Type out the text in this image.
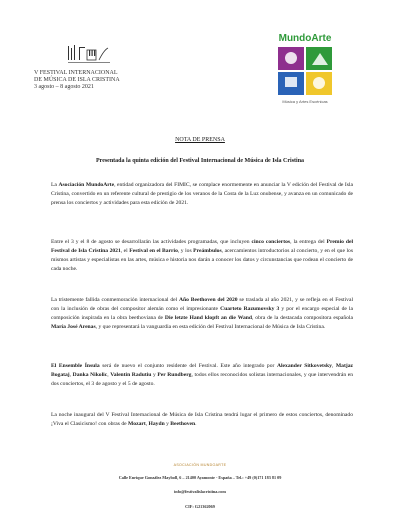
V FESTIVAL INTERNACIONAL
DE MÚSICA DE ISLA CRISTINA
3 agosto – 8 agosto 2021
MundoArte
Música y Artes Escénicas
NOTA DE PRENSA
Presentada la quinta edición del Festival Internacional de Música de Isla Cristina
La Asociación MundoArte, entidad organizadora del FIMIC, se complace enormemente en anunciar la V edición del Festival de Isla Cristina, convertido en un referente cultural de prestigio de los veranos de la Costa de la Luz onubense, y avanza en un comunicado de prensa los conciertos y actividades para esta edición de 2021.
Entre el 3 y el 8 de agosto se desarrollarán las actividades programadas, que incluyen cinco conciertos, la entrega del Premio del Festival de Isla Cristina 2021, el Festival en el Barrio, y los Preámbulos, acercamientos introductorios al concierto, y en el que los mismos artistas y especialistas en las artes, música e historia nos darán a conocer los datos y circunstancias que rodean el concierto de cada noche.
La tristemente fallida conmemoración internacional del Año Beethoven del 2020 se traslada al año 2021, y se refleja en el Festival con la inclusión de obras del compositor alemán como el impresionante Cuarteto Razumovsky 3 y por el encargo especial de la composición inspirada en la obra beethoviana de Die letzte Hand klopft an die Wand, obra de la destacada compositora española María José Arenas, y que representará la vanguardia en esta edición del Festival Internacional de Música de Isla Cristina.
El Ensemble Ínsula será de nuevo el conjunto residente del Festival. Este año integrado por Alexander Sitkovetsky, Matjaz Bogataj, Danka Nikolic, Valentin Radutiu y Per Rundberg, todos ellos reconocidos solistas internacionales, y que intervendrán en dos conciertos, el 3 de agosto y el 5 de agosto.
La noche inaugural del V Festival Internacional de Música de Isla Cristina tendrá lugar el primero de estos conciertos, denominado ¡Viva el Clasicismo! con obras de Mozart, Haydn y Beethoven.
ASOCIACIÓN MUNDOARTE
Calle Enrique González Mayboll, 6 – 21400 Ayamonte - España – Tel.: +49 (0)171 183 81 09
info@festivalislacristina.com
CIF: G21362069
